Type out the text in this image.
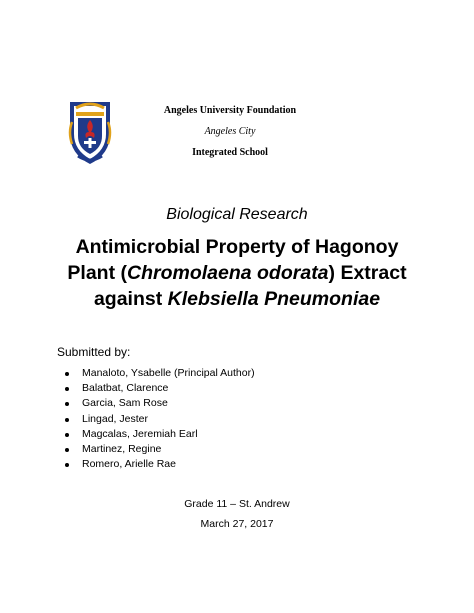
Angeles University Foundation
Angeles City
Integrated School
Biological Research
Antimicrobial Property of Hagonoy
Plant (Chromolaena odorata) Extract
against Klebsiella Pneumoniae
Submitted by:
Manaloto, Ysabelle (Principal Author)
Balatbat, Clarence
Garcia, Sam Rose
Lingad, Jester
Magcalas, Jeremiah Earl
Martinez, Regine
Romero, Arielle Rae
Grade 11 – St. Andrew
March 27, 2017
